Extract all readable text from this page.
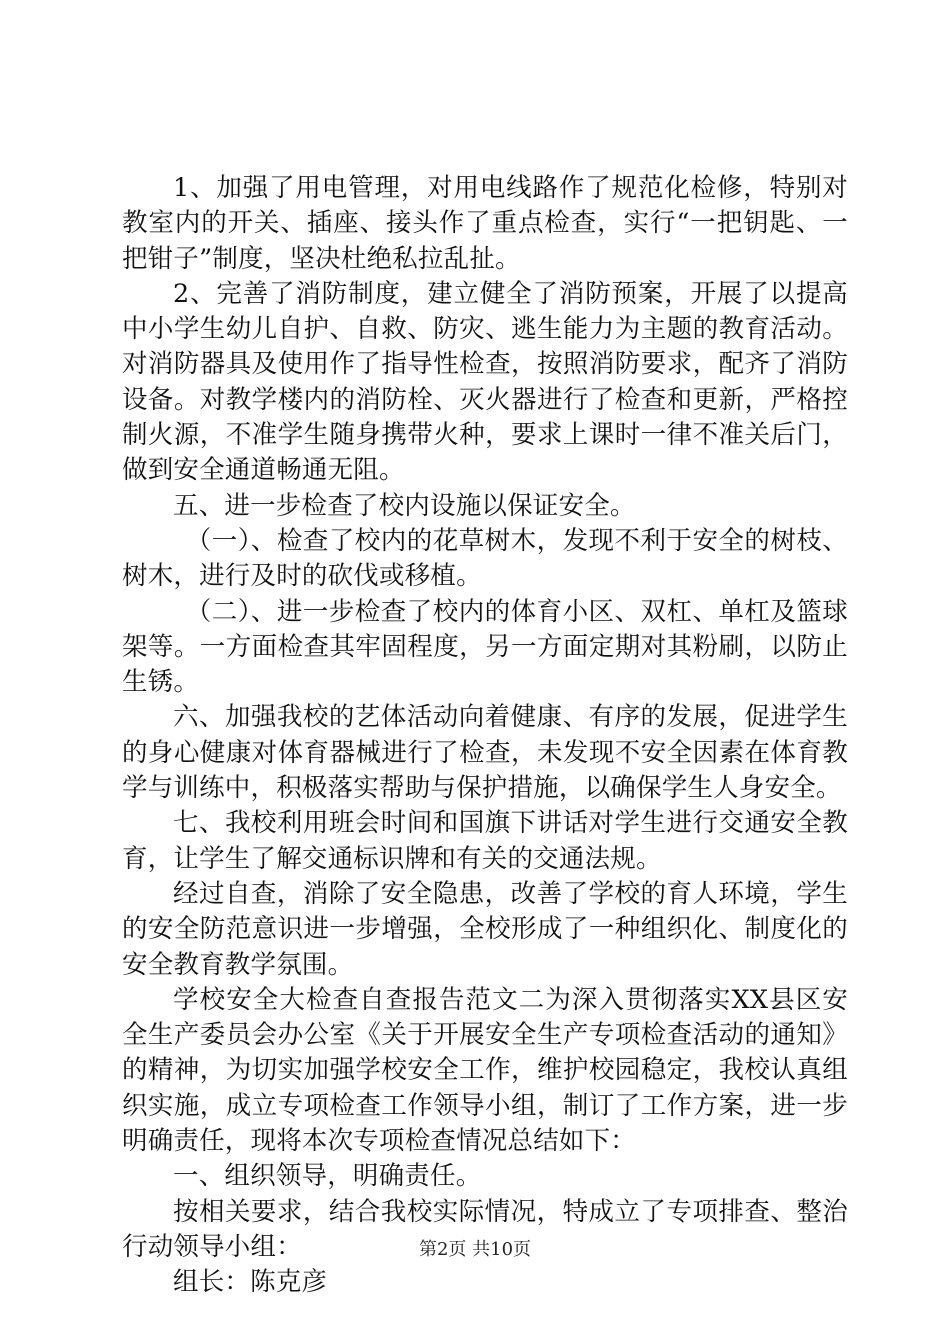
1、加强了用电管理，对用电线路作了规范化检修，特别对教室内的开关、插座、接头作了重点检查，实行“一把钥匙、一把钳子”制度，坚决杜绝私拉乱扯。

2、完善了消防制度，建立健全了消防预案，开展了以提高中小学生幼儿自护、自救、防灾、逃生能力为主题的教育活动。对消防器具及使用作了指导性检查，按照消防要求，配齐了消防设备。对教学楼内的消防栓、灭火器进行了检查和更新，严格控制火源，不准学生随身携带火种，要求上课时一律不准关后门，做到安全通道畅通无阻。

五、进一步检查了校内设施以保证安全。

（一）、检查了校内的花草树木，发现不利于安全的树枝、树木，进行及时的砍伐或移植。

（二）、进一步检查了校内的体育小区、双杠、单杠及篮球架等。一方面检查其牢固程度，另一方面定期对其粉刷，以防止生锈。

六、加强我校的艺体活动向着健康、有序的发展，促进学生的身心健康对体育器械进行了检查，未发现不安全因素在体育教学与训练中，积极落实帮助与保护措施，以确保学生人身安全。

七、我校利用班会时间和国旗下讲话对学生进行交通安全教育，让学生了解交通标识牌和有关的交通法规。

经过自查，消除了安全隐患，改善了学校的育人环境，学生的安全防范意识进一步增强，全校形成了一种组织化、制度化的安全教育教学氛围。

学校安全大检查自查报告范文二为深入贯彻落实XX县区安全生产委员会办公室《关于开展安全生产专项检查活动的通知》的精神，为切实加强学校安全工作，维护校园稳定，我校认真组织实施，成立专项检查工作领导小组，制订了工作方案，进一步明确责任，现将本次专项检查情况总结如下：

一、组织领导，明确责任。

按相关要求，结合我校实际情况，特成立了专项排查、整治行动领导小组：

组长：陈克彦

第2页 共10页
